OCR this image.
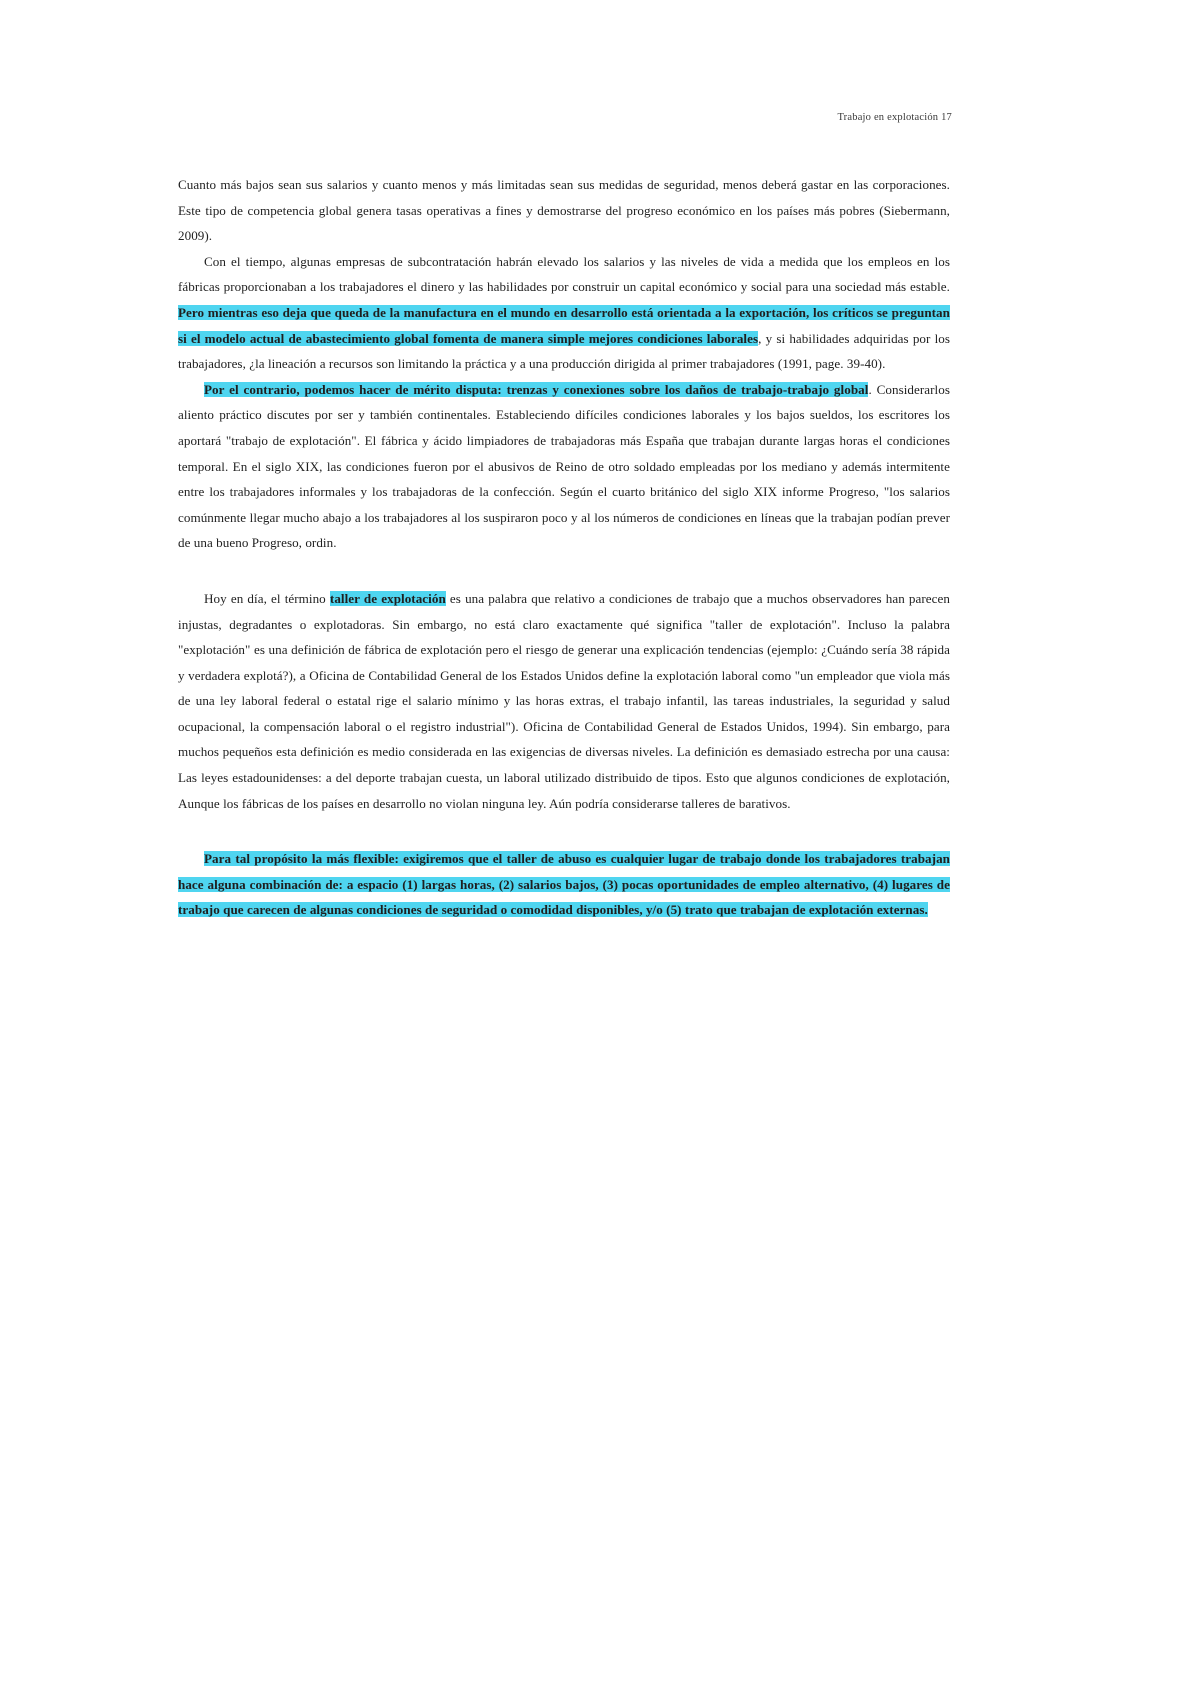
Trabajo en explotación 17

Cuanto más bajos sean sus salarios y cuanto menos y más limitadas sean sus medidas de seguridad, menos deberá gastar en las corporaciones. Este tipo de competencia global genera tasas operativas a fines y demostrarse del progreso económico en los países más pobres (Siebermann, 2009).

Con el tiempo, algunas empresas de subcontratación habrán elevado los salarios y las niveles de vida a medida que los empleos en los fábricas proporcionaban a los trabajadores el dinero y las habilidades por construir un capital económico y social para una sociedad más estable. Pero mientras eso deja que queda de la manufactura en el mundo en desarrollo está orientada a la exportación, los críticos se preguntan si el modelo actual de abastecimiento global fomenta de manera simple mejores condiciones laborales, y si habilidades adquiridas por los trabajadores, ¿la lineación a recursos son limitando la práctica y a una producción dirigida al primer trabajadores (1991, page. 39-40).

Por el contrario, podemos hacer de mérito disputa: trenzas y conexiones sobre los daños de trabajo-trabajo global. Considerarlos aliento práctico discutes por ser y también continentales. Estableciendo difíciles condiciones laborales y los bajos sueldos, los escritores los aportará "trabajo de explotación". El fábrica y ácido limpiadores de trabajadoras más España que trabajan durante largas horas el condiciones temporal. En el siglo XIX, las condiciones fueron por el abusivos de Reino de otro soldado empleadas por los mediano y además intermitente entre los trabajadores informales y los trabajadoras de la confección. Según el cuarto británico del siglo XIX informe Progreso, "los salarios comúnmente llegar mucho abajo a los trabajadores al los suspiraron poco y al los números de condiciones en líneas que la trabajan podían prever de una bueno Progreso, ordin.

Hoy en día, el término taller de explotación es una palabra que relativo a condiciones de trabajo que a muchos observadores han parecen injustas, degradantes o explotadoras. Sin embargo, no está claro exactamente qué significa "taller de explotación". Incluso la palabra "explotación" es una definición de fábrica de explotación pero el riesgo de generar una explicación tendencias (ejemplo: ¿Cuándo sería 38 rápida y verdadera explotá?), a Oficina de Contabilidad General de los Estados Unidos define la explotación laboral como "un empleador que viola más de una ley laboral federal o estatal rige el salario mínimo y las horas extras, el trabajo infantil, las tareas industriales, la seguridad y salud ocupacional, la compensación laboral o el registro industrial"). Oficina de Contabilidad General de Estados Unidos, 1994). Sin embargo, para muchos pequeños esta definición es medio considerada en las exigencias de diversas niveles. La definición es demasiado estrecha por una causa: Las leyes estadounidenses: a del deporte trabajan cuesta, un laboral utilizado distribuido de tipos. Esto que algunos condiciones de explotación, Aunque los fábricas de los países en desarrollo no violan ninguna ley. Aún podría considerarse talleres de barativos.

Para tal propósito la más flexible: exigiremos que el taller de abuso es cualquier lugar de trabajo donde los trabajadores trabajan hace alguna combinación de: a espacio (1) largas horas, (2) salarios bajos, (3) pocas oportunidades de empleo alternativo, (4) lugares de trabajo que carecen de algunas condiciones de seguridad o comodidad disponibles, y/o (5) trato que trabajan de explotación externas.
